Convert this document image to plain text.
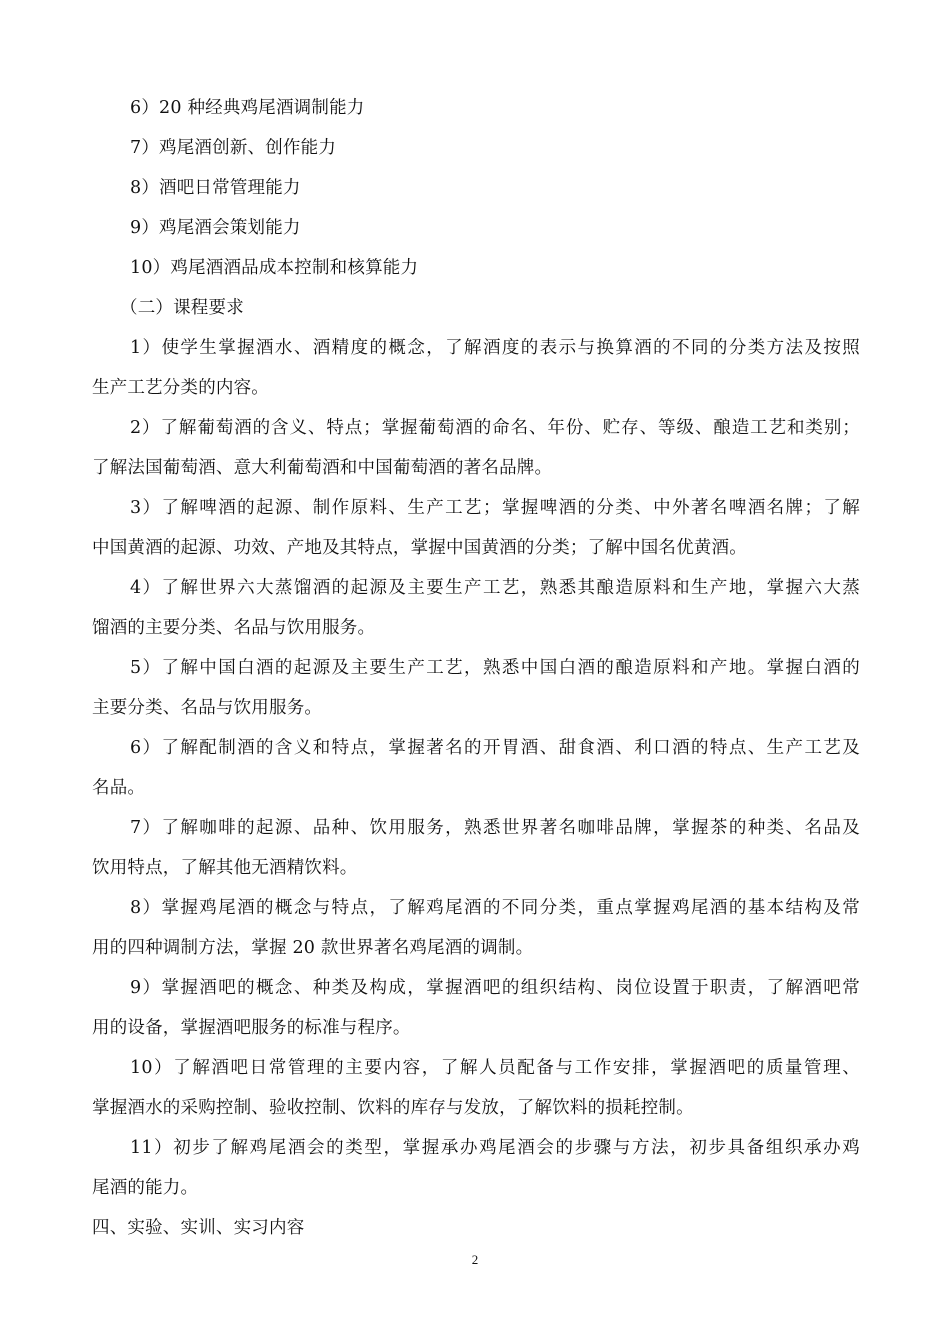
6）20 种经典鸡尾酒调制能力
7）鸡尾酒创新、创作能力
8）酒吧日常管理能力
9）鸡尾酒会策划能力
10）鸡尾酒酒品成本控制和核算能力
（二）课程要求
1）使学生掌握酒水、酒精度的概念，了解酒度的表示与换算酒的不同的分类方法及按照
生产工艺分类的内容。
2）了解葡萄酒的含义、特点；掌握葡萄酒的命名、年份、贮存、等级、酿造工艺和类别；
了解法国葡萄酒、意大利葡萄酒和中国葡萄酒的著名品牌。
3）了解啤酒的起源、制作原料、生产工艺；掌握啤酒的分类、中外著名啤酒名牌；了解
中国黄酒的起源、功效、产地及其特点，掌握中国黄酒的分类；了解中国名优黄酒。
4）了解世界六大蒸馏酒的起源及主要生产工艺，熟悉其酿造原料和生产地，掌握六大蒸
馏酒的主要分类、名品与饮用服务。
5）了解中国白酒的起源及主要生产工艺，熟悉中国白酒的酿造原料和产地。掌握白酒的
主要分类、名品与饮用服务。
6）了解配制酒的含义和特点，掌握著名的开胃酒、甜食酒、利口酒的特点、生产工艺及
名品。
7）了解咖啡的起源、品种、饮用服务，熟悉世界著名咖啡品牌，掌握茶的种类、名品及
饮用特点，了解其他无酒精饮料。
8）掌握鸡尾酒的概念与特点，了解鸡尾酒的不同分类，重点掌握鸡尾酒的基本结构及常
用的四种调制方法，掌握 20 款世界著名鸡尾酒的调制。
9）掌握酒吧的概念、种类及构成，掌握酒吧的组织结构、岗位设置于职责，了解酒吧常
用的设备，掌握酒吧服务的标准与程序。
10）了解酒吧日常管理的主要内容，了解人员配备与工作安排，掌握酒吧的质量管理、
掌握酒水的采购控制、验收控制、饮料的库存与发放，了解饮料的损耗控制。
11）初步了解鸡尾酒会的类型，掌握承办鸡尾酒会的步骤与方法，初步具备组织承办鸡
尾酒的能力。
四、实验、实训、实习内容
2
